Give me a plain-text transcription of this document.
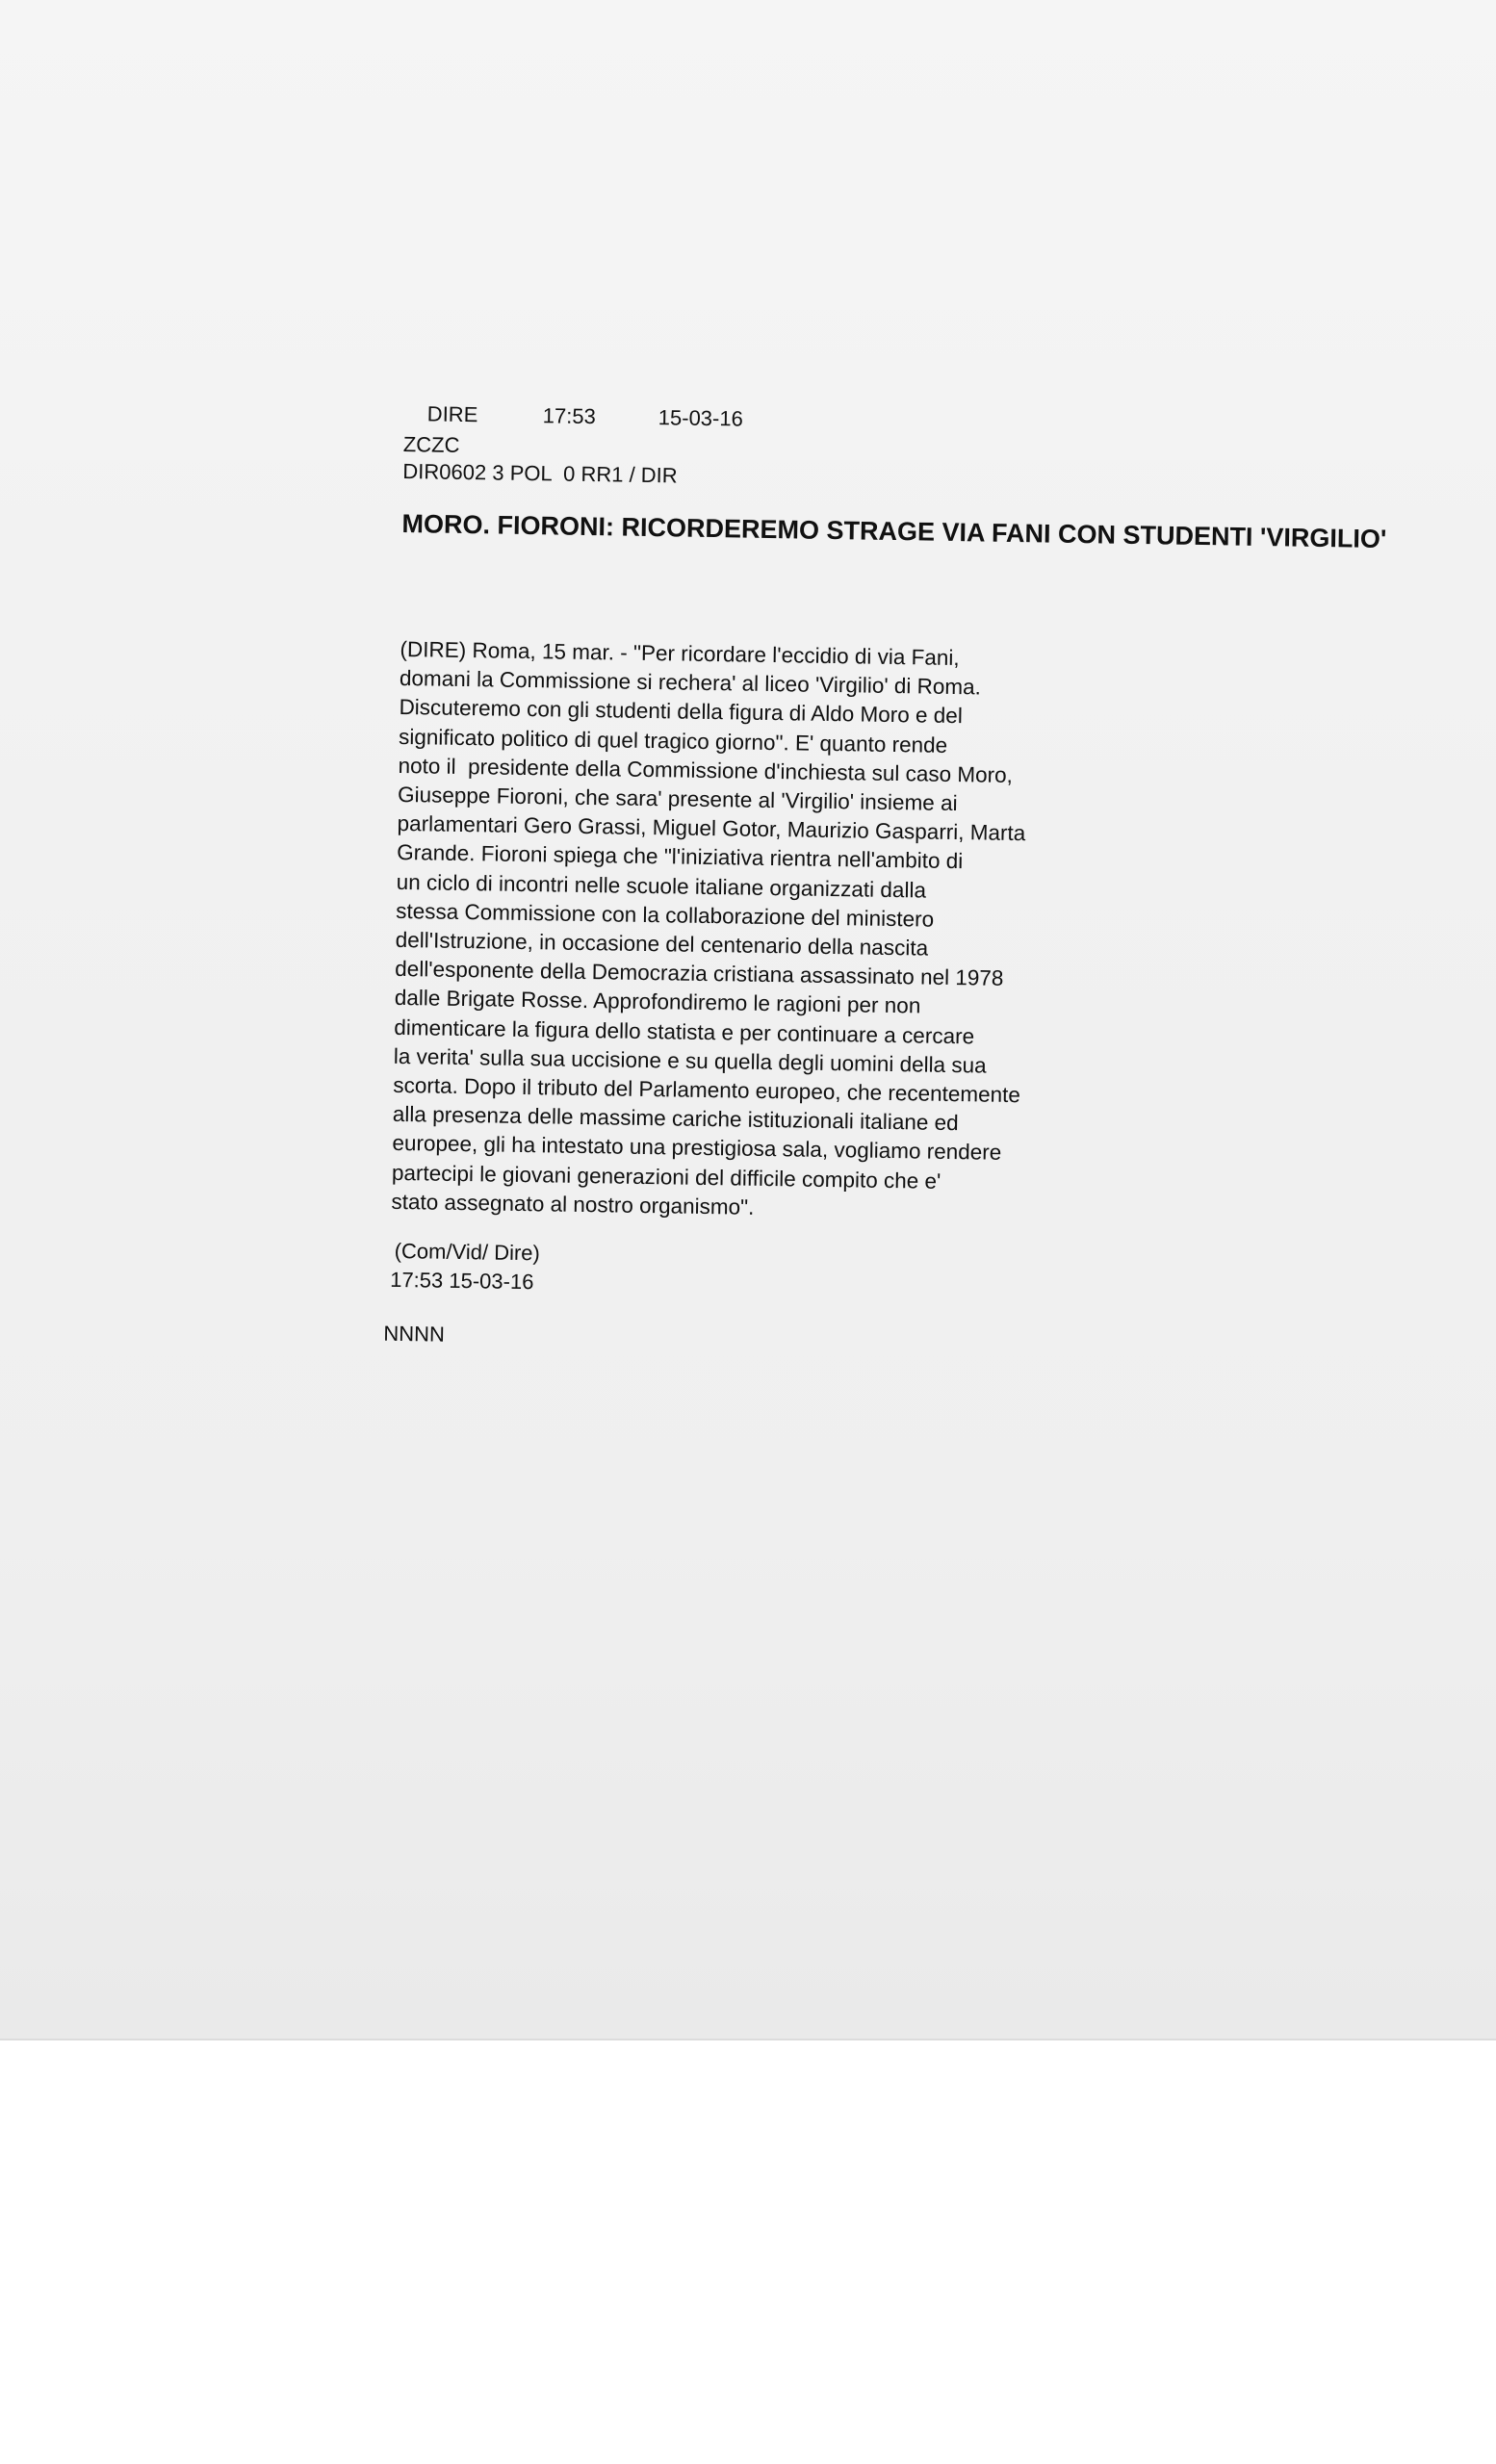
DIRE	17:53	15-03-16

ZCZC
DIR0602 3 POL  0 RR1 / DIR
MORO. FIORONI: RICORDEREMO STRAGE VIA FANI CON STUDENTI 'VIRGILIO'
(DIRE) Roma, 15 mar. - "Per ricordare l'eccidio di via Fani,
domani la Commissione si rechera' al liceo 'Virgilio' di Roma.
Discuteremo con gli studenti della figura di Aldo Moro e del
significato politico di quel tragico giorno". E' quanto rende
noto il  presidente della Commissione d'inchiesta sul caso Moro,
Giuseppe Fioroni, che sara' presente al 'Virgilio' insieme ai
parlamentari Gero Grassi, Miguel Gotor, Maurizio Gasparri, Marta
Grande. Fioroni spiega che "l'iniziativa rientra nell'ambito di
un ciclo di incontri nelle scuole italiane organizzati dalla
stessa Commissione con la collaborazione del ministero
dell'Istruzione, in occasione del centenario della nascita
dell'esponente della Democrazia cristiana assassinato nel 1978
dalle Brigate Rosse. Approfondiremo le ragioni per non
dimenticare la figura dello statista e per continuare a cercare
la verita' sulla sua uccisione e su quella degli uomini della sua
scorta. Dopo il tributo del Parlamento europeo, che recentemente
alla presenza delle massime cariche istituzionali italiane ed
europee, gli ha intestato una prestigiosa sala, vogliamo rendere
partecipi le giovani generazioni del difficile compito che e'
stato assegnato al nostro organismo".
(Com/Vid/ Dire)
17:53 15-03-16
NNNN
